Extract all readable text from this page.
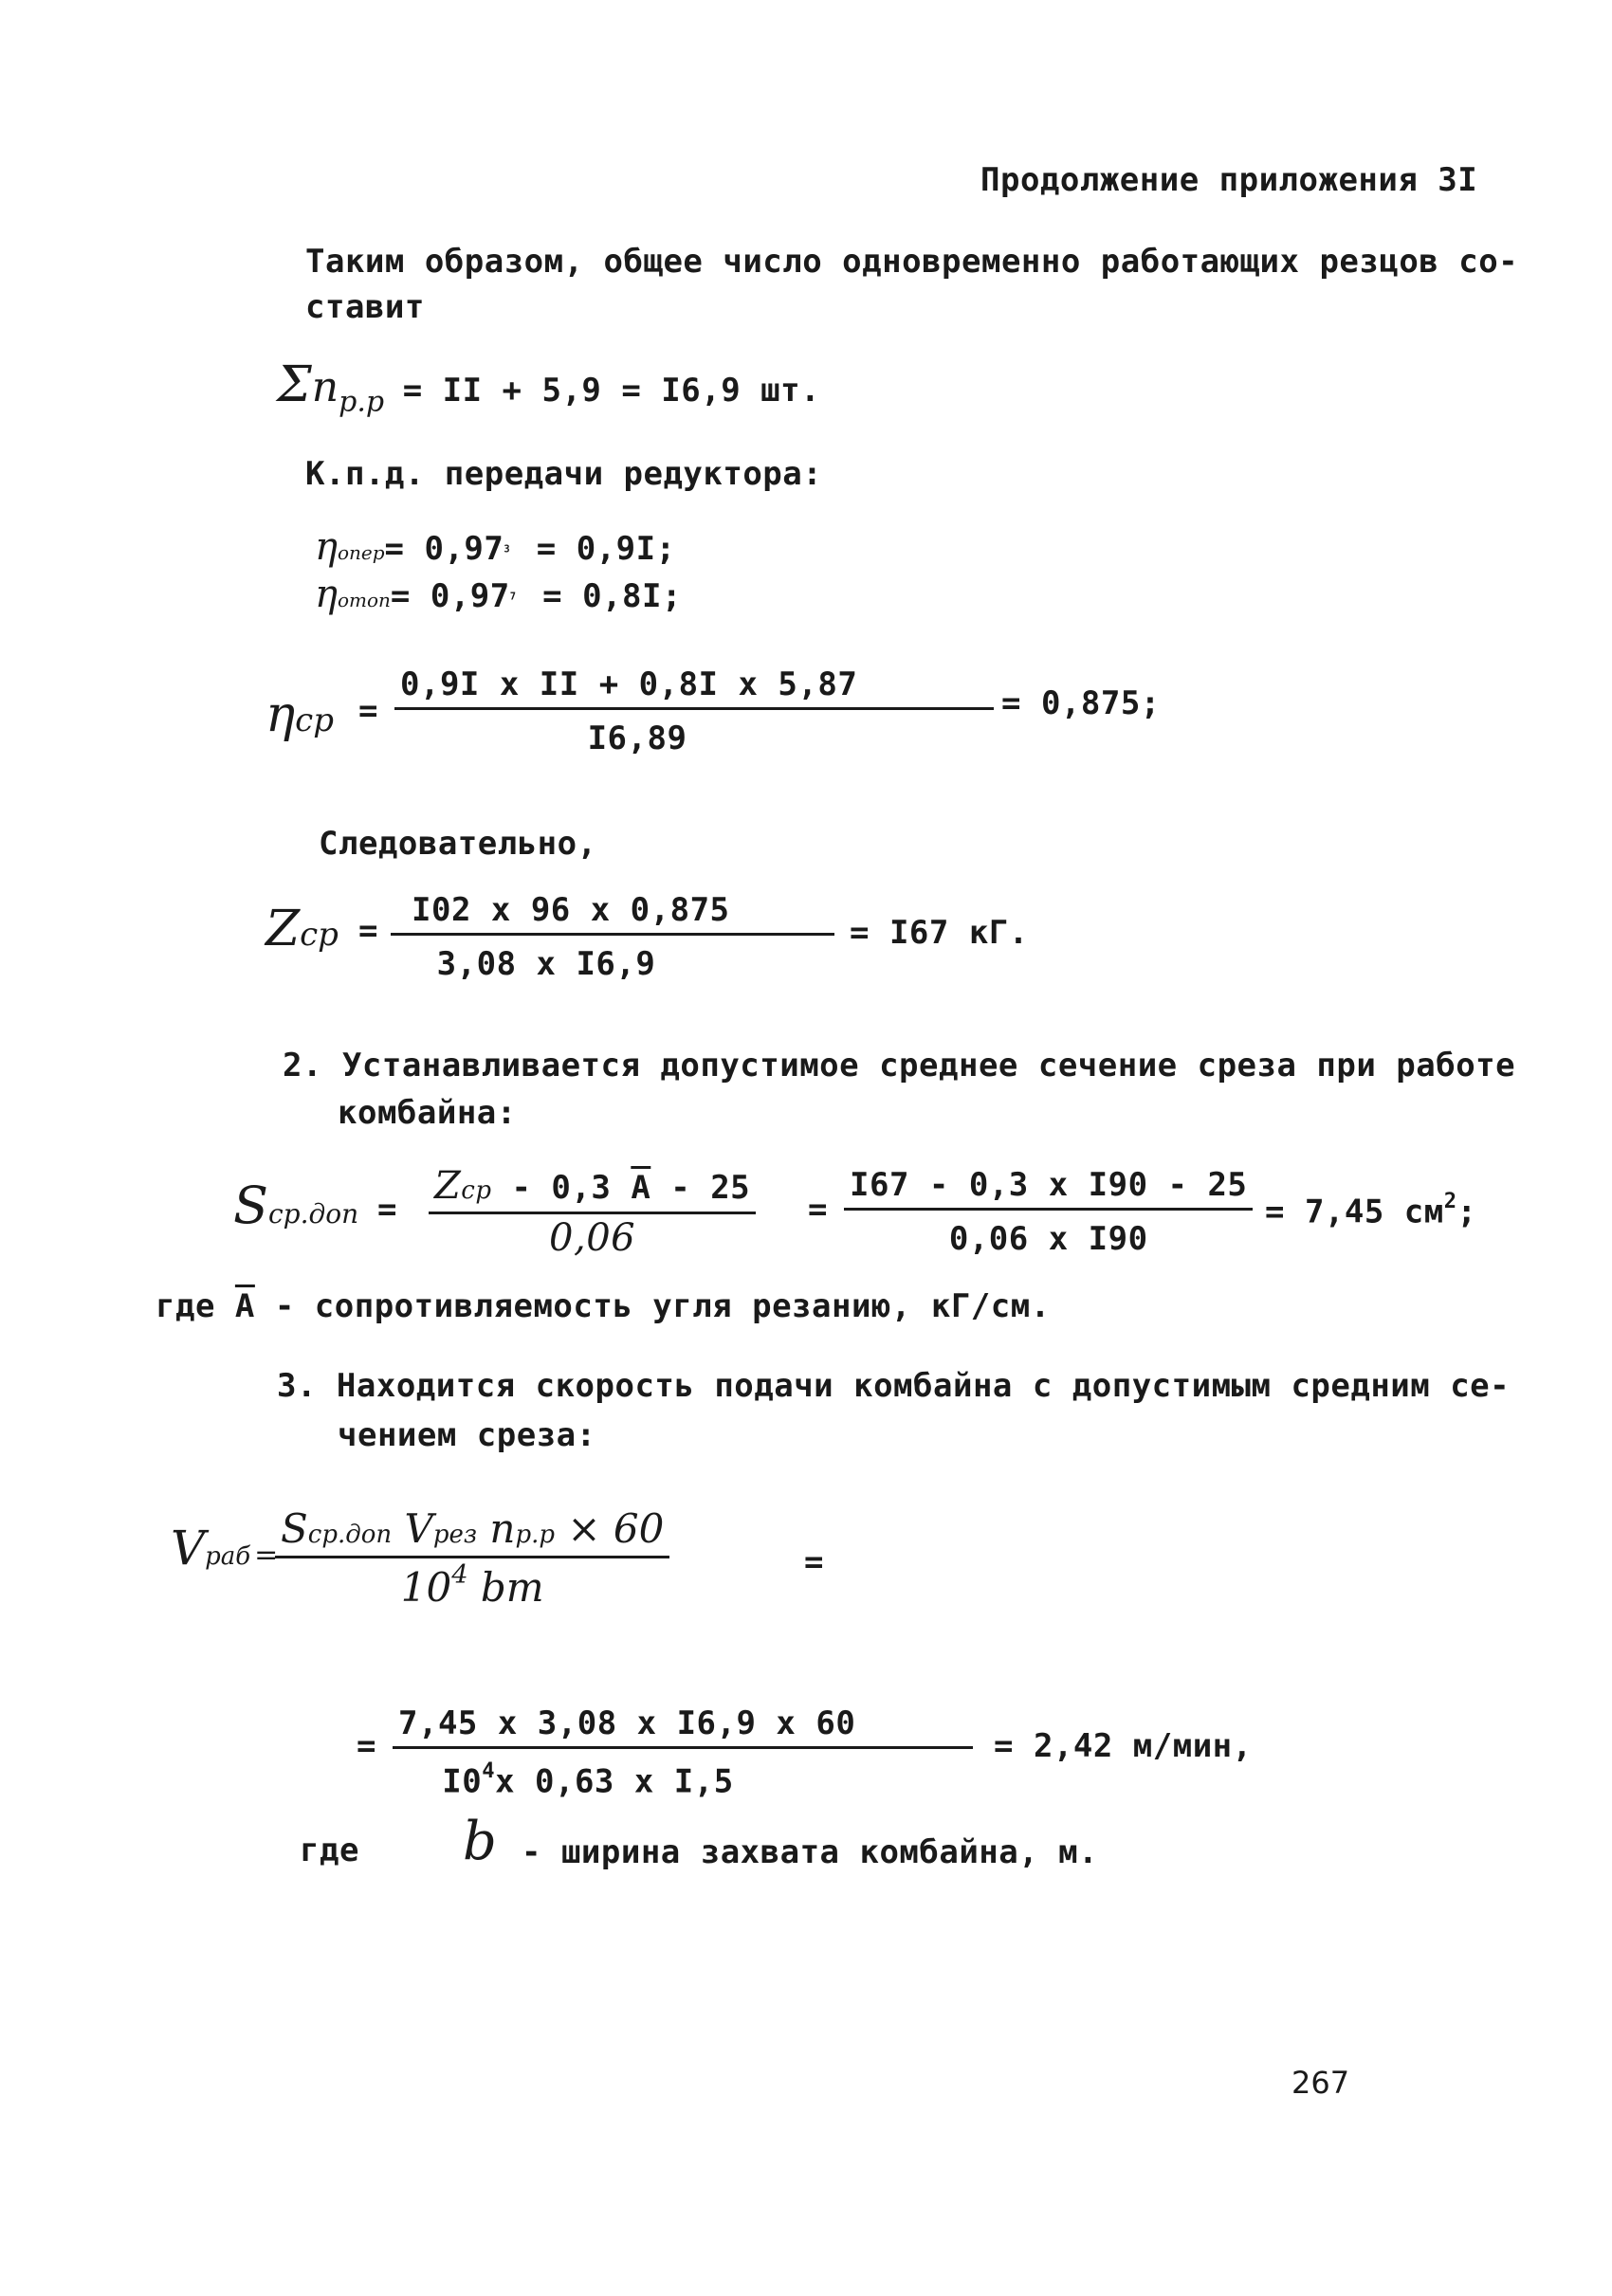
Продолжение приложения 3I
Таким образом, общее число одновременно работающих резцов со-
ставит
Σnр.р = II + 5,9 = I6,9 шт.
К.п.д. передачи редуктора:
ηопер= $0,97^3 = 0,9I$;
ηотоп= $0,97^7 = 0,8I$;
$\eta ср = \frac{\text{0,9I x II + 0,8I x 5,87}}{I6,89} = 0,875$;
Следовательно,
Zср = $\frac{I02 x 96 x 0,875}{\text{3,08 x I6,9}} = I67$ кГ.
2. Устанавливается допустимое среднее сечение среза при работе
комбайна:
Sср.доп =
Zср - 0,3 $\overline{A} - 25$
0,06
= $\frac{\text{I67 - 0,3 x I90 - 25}}{\text{0,06 x I90}} = 7,45$ $см^2$;
где $\overline{A}$ - сопротивляемость угля резанию, кГ/см.
3. Находится скорость подачи комбайна с допустимым средним се-
чением среза:
Vраб =
Sср.доп Vрез nр.р × 60
$10^4$ bm
=
= $\frac{\text{7,45 x 3,08 x I6,9 x 60}}{I0^4x 0,63 x I,5} = 2,42$ м/мин,
где b - ширина захвата комбайна, м.
267
